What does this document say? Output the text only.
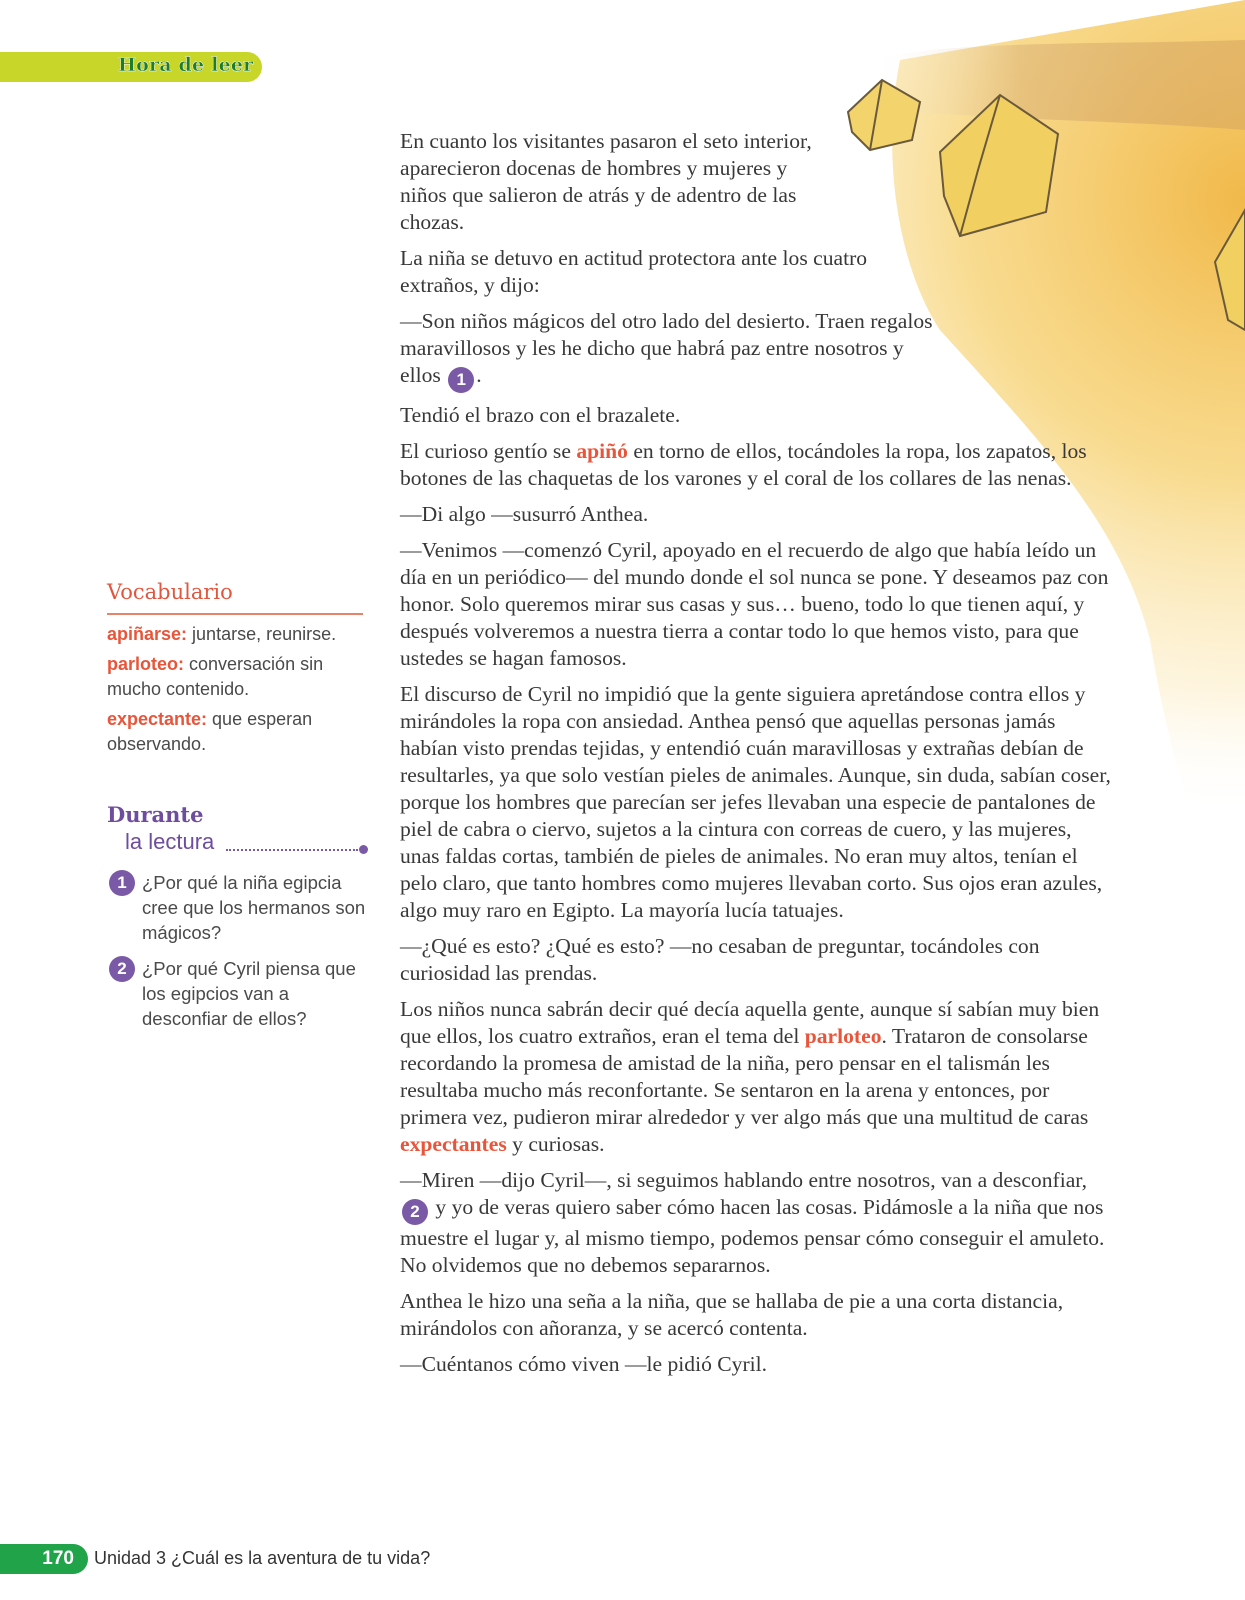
Hora de leer

En cuanto los visitantes pasaron el seto interior, aparecieron docenas de hombres y mujeres y niños que salieron de atrás y de adentro de las chozas.

La niña se detuvo en actitud protectora ante los cuatro extraños, y dijo:

—Son niños mágicos del otro lado del desierto. Traen regalos maravillosos y les he dicho que habrá paz entre nosotros y ellos 1 .

Tendió el brazo con el brazalete.

El curioso gentío se apiñó en torno de ellos, tocándoles la ropa, los zapatos, los botones de las chaquetas de los varones y el coral de los collares de las nenas.

—Di algo —susurró Anthea.

—Venimos —comenzó Cyril, apoyado en el recuerdo de algo que había leído un día en un periódico— del mundo donde el sol nunca se pone. Y deseamos paz con honor. Solo queremos mirar sus casas y sus… bueno, todo lo que tienen aquí, y después volveremos a nuestra tierra a contar todo lo que hemos visto, para que ustedes se hagan famosos.

El discurso de Cyril no impidió que la gente siguiera apretándose contra ellos y mirándoles la ropa con ansiedad. Anthea pensó que aquellas personas jamás habían visto prendas tejidas, y entendió cuán maravillosas y extrañas debían de resultarles, ya que solo vestían pieles de animales. Aunque, sin duda, sabían coser, porque los hombres que parecían ser jefes llevaban una especie de pantalones de piel de cabra o ciervo, sujetos a la cintura con correas de cuero, y las mujeres, unas faldas cortas, también de pieles de animales. No eran muy altos, tenían el pelo claro, que tanto hombres como mujeres llevaban corto. Sus ojos eran azules, algo muy raro en Egipto. La mayoría lucía tatuajes.

—¿Qué es esto? ¿Qué es esto? —no cesaban de preguntar, tocándoles con curiosidad las prendas.

Los niños nunca sabrán decir qué decía aquella gente, aunque sí sabían muy bien que ellos, los cuatro extraños, eran el tema del parloteo. Trataron de consolarse recordando la promesa de amistad de la niña, pero pensar en el talismán les resultaba mucho más reconfortante. Se sentaron en la arena y entonces, por primera vez, pudieron mirar alrededor y ver algo más que una multitud de caras expectantes y curiosas.

—Miren —dijo Cyril—, si seguimos hablando entre nosotros, van a desconfiar, 2 y yo de veras quiero saber cómo hacen las cosas. Pidámosle a la niña que nos muestre el lugar y, al mismo tiempo, podemos pensar cómo conseguir el amuleto. No olvidemos que no debemos separarnos.

Anthea le hizo una seña a la niña, que se hallaba de pie a una corta distancia, mirándolos con añoranza, y se acercó contenta.

—Cuéntanos cómo viven —le pidió Cyril.

Vocabulario
apiñarse: juntarse, reunirse.
parloteo: conversación sin mucho contenido.
expectante: que esperan observando.
Durante
la lectura
1 ¿Por qué la niña egipcia cree que los hermanos son mágicos?
2 ¿Por qué Cyril piensa que los egipcios van a desconfiar de ellos?
170	Unidad 3 ¿Cuál es la aventura de tu vida?
